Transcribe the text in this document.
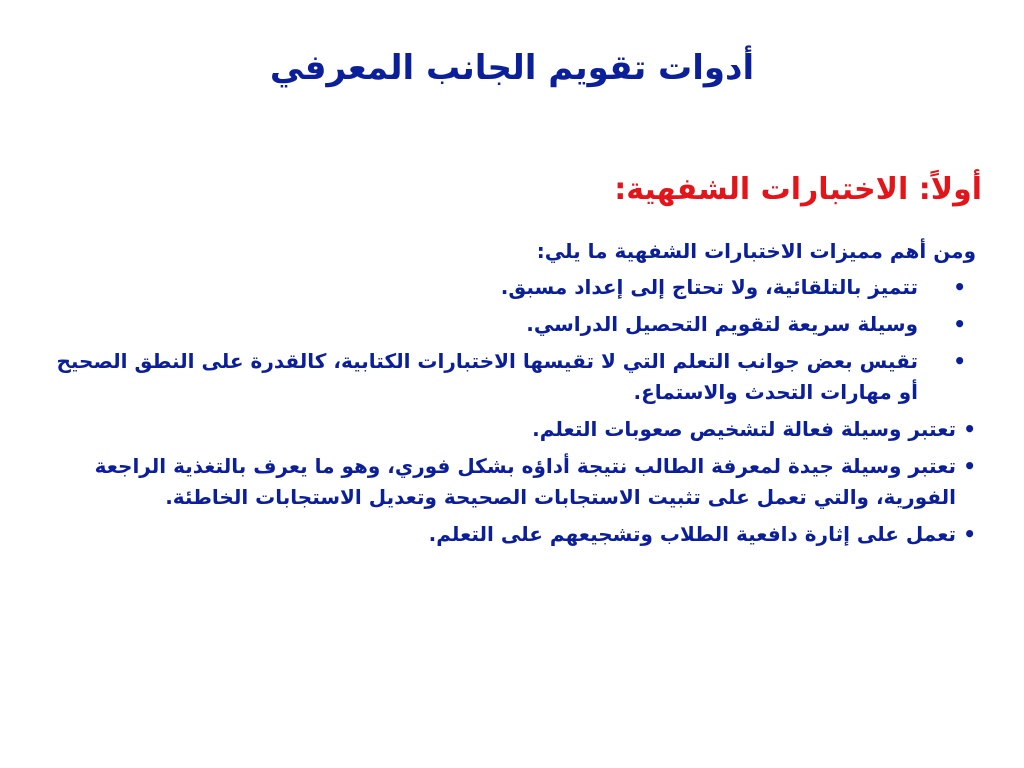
أدوات تقويم الجانب المعرفي
أولاً: الاختبارات الشفهية:

ومن أهم مميزات الاختبارات الشفهية ما يلي:

•
تتميز بالتلقائية، ولا تحتاج إلى إعداد مسبق.
•
وسيلة سريعة لتقويم التحصيل الدراسي.
•
تقيس بعض جوانب التعلم التي لا تقيسها الاختبارات الكتابية، كالقدرة على النطق الصحيح أو مهارات التحدث والاستماع.
•
تعتبر وسيلة فعالة لتشخيص صعوبات التعلم.
•
تعتبر وسيلة جيدة لمعرفة الطالب نتيجة أداؤه بشكل فوري، وهو ما يعرف بالتغذية الراجعة الفورية، والتي تعمل على تثبيت الاستجابات الصحيحة وتعديل الاستجابات الخاطئة.
•
تعمل على إثارة دافعية الطلاب وتشجيعهم على التعلم.
